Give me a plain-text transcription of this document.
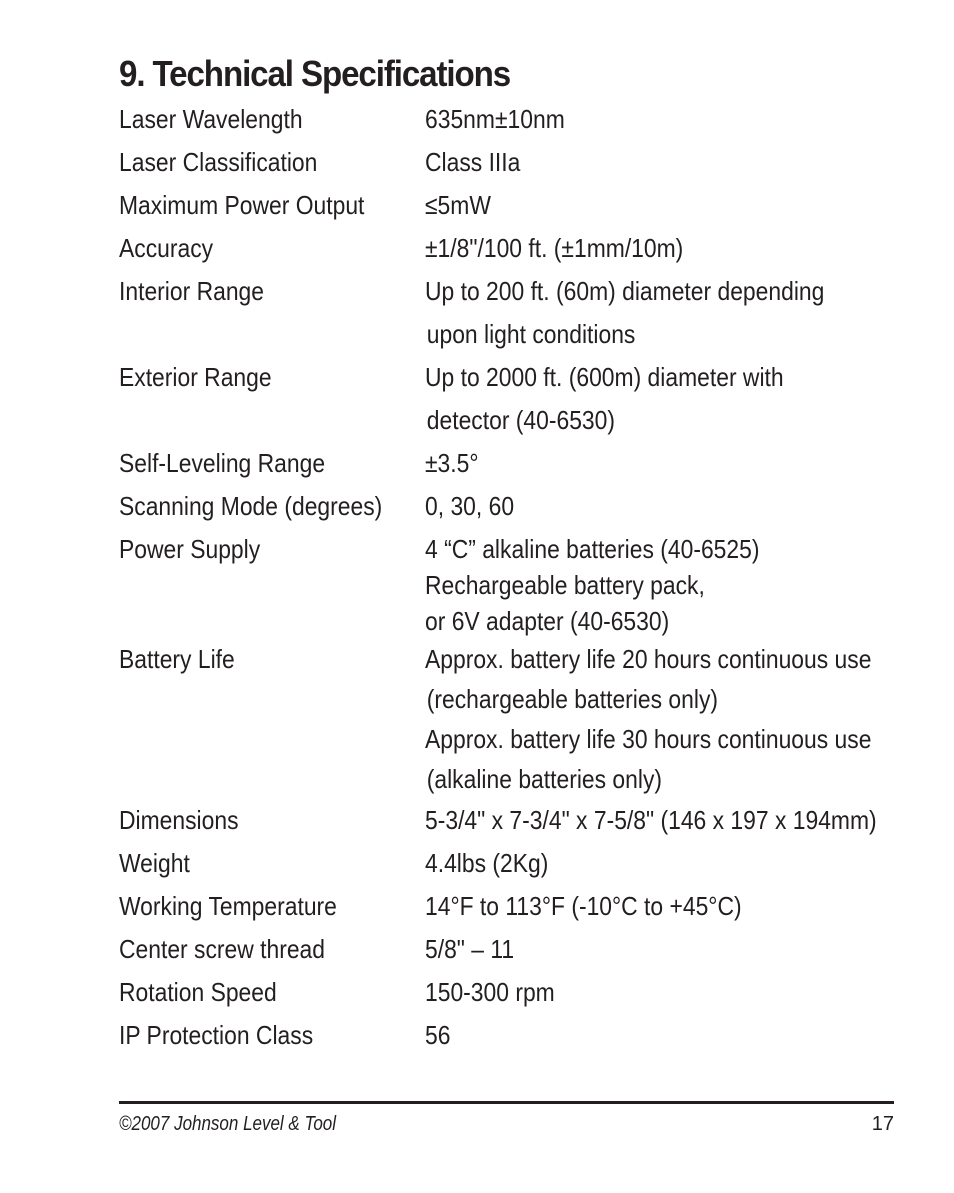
9. Technical Specifications
Laser Wavelength	635nm±10nm
Laser Classification	Class IIIa
Maximum Power Output	≤5mW
Accuracy	±1/8"/100 ft. (±1mm/10m)
Interior Range	Up to 200 ft. (60m) diameter depending
upon light conditions
Exterior Range	Up to 2000 ft. (600m) diameter with
detector (40-6530)
Self-Leveling Range	±3.5°
Scanning Mode (degrees) 0, 30, 60
Power Supply	4 “C” alkaline batteries (40-6525)
Rechargeable battery pack,
or 6V adapter (40-6530)
Battery Life	Approx. battery life 20 hours continuous use
(rechargeable batteries only)
Approx. battery life 30 hours continuous use
(alkaline batteries only)
Dimensions	5-3/4" x 7-3/4" x 7-5/8" (146 x 197 x 194mm)
Weight	4.4lbs (2Kg)
Working Temperature	14°F to 113°F (-10°C to +45°C)
Center screw thread	5/8" – 11
Rotation Speed	150-300 rpm
IP Protection Class	56
©2007 Johnson Level & Tool	17
